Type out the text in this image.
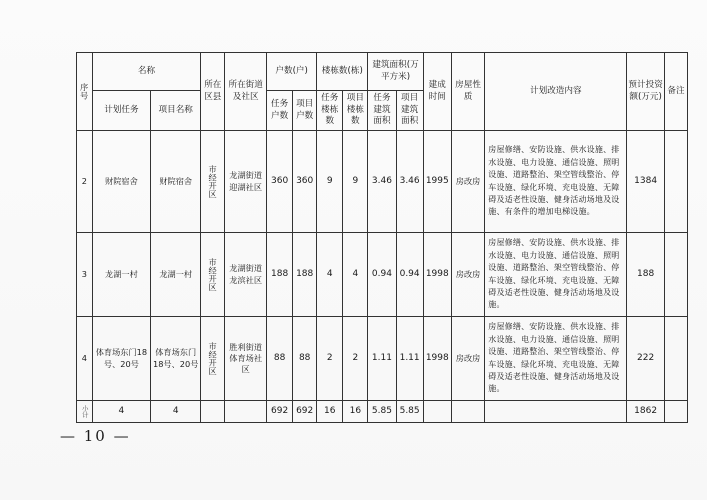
序号	名称		所在区县	所在街道及社区	户数(户)		楼栋数(栋)		建筑面积(万平方米)		建成时间	房屋性质	计划改造内容	预计投资额(万元)	备注
	计划任务	项目名称			任务户数	项目户数	任务楼栋数	项目楼栋数	任务建筑面积	项目建筑面积					
2	财院宿舍	财院宿舍	市经开区	龙湖街道迎湖社区	360	360	9	9	3.46	3.46	1995	房改房	房屋修缮、安防设施、供水设施、排水设施、电力设施、通信设施、照明设施、道路整治、架空管线整治、停车设施、绿化环境、充电设施、无障碍及适老性设施、健身活动场地及设施、有条件的增加电梯设施。	1384	
3	龙湖一村	龙湖一村	市经开区	龙湖街道龙滨社区	188	188	4	4	0.94	0.94	1998	房改房	房屋修缮、安防设施、供水设施、排水设施、电力设施、通信设施、照明设施、道路整治、架空管线整治、停车设施、绿化环境、充电设施、无障碍及适老性设施、健身活动场地及设施。	188	
4	体育场东门18号、20号	体育场东门18号、20号	市经开区	胜利街道体育场社区	88	88	2	2	1.11	1.11	1998	房改房	房屋修缮、安防设施、供水设施、排水设施、电力设施、通信设施、照明设施、道路整治、架空管线整治、停车设施、绿化环境、充电设施、无障碍及适老性设施、健身活动场地及设施。	222	

小计	4	4			692	692	16	16	5.85	5.85				1862	
— 10 —
